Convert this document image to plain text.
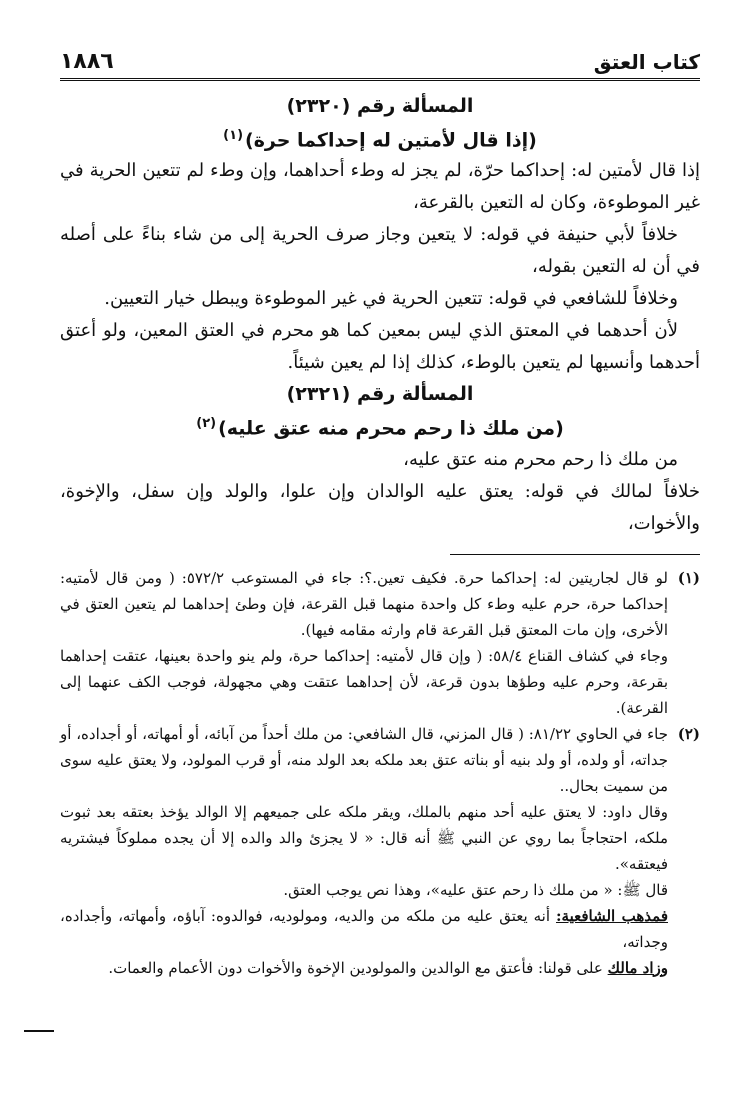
كتاب العتق
١٨٨٦
المسألة رقم (٢٣٢٠)
(إذا قال لأمتين له إحداكما حرة)$^{(١)}$

إذا قال لأمتين له: إحداكما حرّة، لم يجز له وطء أحداهما، وإن وطء لم تتعين الحرية في غير الموطوءة، وكان له التعين بالقرعة،

خلافاً لأبي حنيفة في قوله: لا يتعين وجاز صرف الحرية إلى من شاء بناءً على أصله في أن له التعين بقوله،

وخلافاً للشافعي في قوله: تتعين الحرية في غير الموطوءة ويبطل خيار التعيين.

لأن أحدهما في المعتق الذي ليس بمعين كما هو محرم في العتق المعين، ولو أعتق أحدهما وأنسيها لم يتعين بالوطء، كذلك إذا لم يعين شيئاً.

المسألة رقم (٢٣٢١)
(من ملك ذا رحم محرم منه عتق عليه)$^{(٢)}$

من ملك ذا رحم محرم منه عتق عليه،

خلافاً لمالك في قوله: يعتق عليه الوالدان وإن علوا، والولد وإن سفل، والإخوة، والأخوات،

(١)

لو قال لجاريتين له: إحداكما حرة. فكيف تعين.؟: جاء في المستوعب ٥٧٢/٢: ( ومن قال لأمتيه: إحداكما حرة، حرم عليه وطء كل واحدة منهما قبل القرعة، فإن وطئ إحداهما لم يتعين العتق في الأخرى، وإن مات المعتق قبل القرعة قام وارثه مقامه فيها).

وجاء في كشاف القناع ٥٨/٤: ( وإن قال لأمتيه: إحداكما حرة، ولم ينو واحدة بعينها، عتقت إحداهما بقرعة، وحرم عليه وطؤها بدون قرعة، لأن إحداهما عتقت وهي مجهولة، فوجب الكف عنهما إلى القرعة).

(٢)

جاء في الحاوي ٨١/٢٢: ( قال المزني، قال الشافعي: من ملك أحداً من آبائه، أو أمهاته، أو أجداده، أو جداته، أو ولده، أو ولد بنيه أو بناته عتق بعد ملكه بعد الولد منه، أو قرب المولود، ولا يعتق عليه سوى من سميت بحال..

وقال داود: لا يعتق عليه أحد منهم بالملك، ويقر ملكه على جميعهم إلا الوالد يؤخذ بعتقه بعد ثبوت ملكه، احتجاجاً بما روي عن النبي ﷺ أنه قال: « لا يجزئ والد والده إلا أن يجده مملوكاً فيشتريه فيعتقه».

قال ﷺ: « من ملك ذا رحم عتق عليه»، وهذا نص يوجب العتق.

فمذهب الشافعية: أنه يعتق عليه من ملكه من والديه، ومولوديه، فوالدوه: آباؤه، وأمهاته، وأجداده، وجداته،

وزاد مالك على قولنا: فأعتق مع الوالدين والمولودين الإخوة والأخوات دون الأعمام والعمات.
